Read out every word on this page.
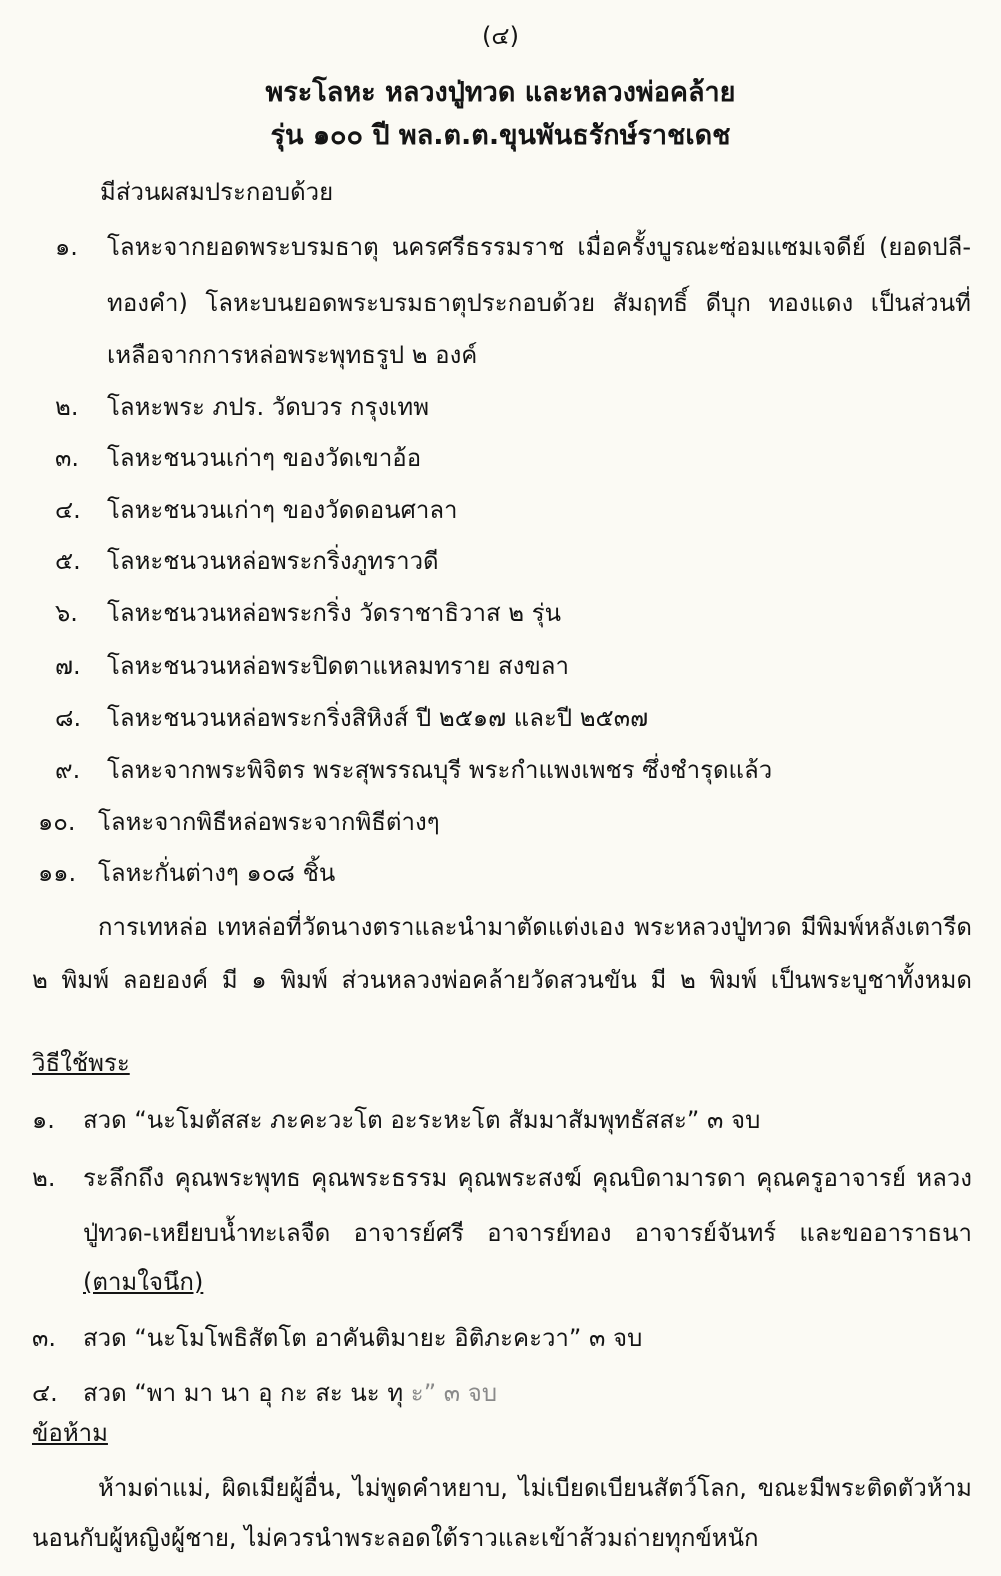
(๔)
พระโลหะ หลวงปู่ทวด และหลวงพ่อคล้าย
รุ่น ๑๐๐ ปี พล.ต.ต.ขุนพันธรักษ์ราชเดช
มีส่วนผสมประกอบด้วย
๑. โลหะจากยอดพระบรมธาตุ นครศรีธรรมราช เมื่อครั้งบูรณะซ่อมแซมเจดีย์ (ยอดปลี-
ทองคำ) โลหะบนยอดพระบรมธาตุประกอบด้วย สัมฤทธิ์ ดีบุก ทองแดง เป็นส่วนที่
เหลือจากการหล่อพระพุทธรูป ๒ องค์
๒. โลหะพระ ภปร. วัดบวร กรุงเทพ
๓. โลหะชนวนเก่าๆ ของวัดเขาอ้อ
๔. โลหะชนวนเก่าๆ ของวัดดอนศาลา
๕. โลหะชนวนหล่อพระกริ่งภูทราวดี
๖. โลหะชนวนหล่อพระกริ่ง วัดราชาธิวาส ๒ รุ่น
๗. โลหะชนวนหล่อพระปิดตาแหลมทราย สงขลา
๘. โลหะชนวนหล่อพระกริ่งสิหิงส์ ปี ๒๕๑๗ และปี ๒๕๓๗
๙. โลหะจากพระพิจิตร พระสุพรรณบุรี พระกำแพงเพชร ซึ่งชำรุดแล้ว
๑๐. โลหะจากพิธีหล่อพระจากพิธีต่างๆ
๑๑. โลหะกั่นต่างๆ ๑๐๘ ชิ้น
การเทหล่อ เทหล่อที่วัดนางตราและนำมาตัดแต่งเอง พระหลวงปู่ทวด มีพิมพ์หลังเตารีด
๒ พิมพ์ ลอยองค์ มี ๑ พิมพ์ ส่วนหลวงพ่อคล้ายวัดสวนขัน มี ๒ พิมพ์ เป็นพระบูชาทั้งหมด
วิธีใช้พระ
๑. สวด “นะโมตัสสะ ภะคะวะโต อะระหะโต สัมมาสัมพุทธัสสะ” ๓ จบ
๒. ระลึกถึง คุณพระพุทธ คุณพระธรรม คุณพระสงฆ์ คุณบิดามารดา คุณครูอาจารย์ หลวง
ปู่ทวด-เหยียบน้ำทะเลจืด อาจารย์ศรี อาจารย์ทอง อาจารย์จันทร์ และขออาราธนา
(ตามใจนึก)
๓. สวด “นะโมโพธิสัตโต อาคันติมายะ อิติภะคะวา” ๓ จบ
๔. สวด “พา มา นา อุ กะ สะ นะ ทุ ะ” ๓ จบ
ข้อห้าม
ห้ามด่าแม่, ผิดเมียผู้อื่น, ไม่พูดคำหยาบ, ไม่เบียดเบียนสัตว์โลก, ขณะมีพระติดตัวห้าม
นอนกับผู้หญิงผู้ชาย, ไม่ควรนำพระลอดใต้ราวและเข้าส้วมถ่ายทุกข์หนัก
